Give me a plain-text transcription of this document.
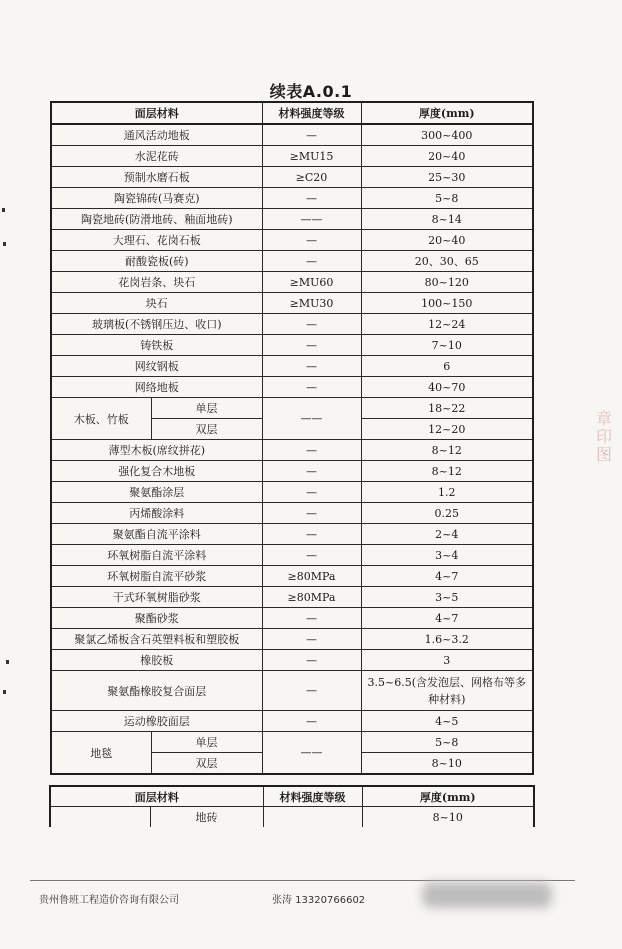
续表A.0.1
面层材料		材料强度等级	厚度(mm)
通风活动地板		—	300~400
水泥花砖		≥MU15	20~40
预制水磨石板		≥C20	25~30
陶瓷锦砖(马赛克)		—	5~8
陶瓷地砖(防滑地砖、釉面地砖)		——	8~14
大理石、花岗石板		—	20~40
耐酸瓷板(砖)		—	20、30、65
花岗岩条、块石		≥MU60	80~120
块石		≥MU30	100~150
玻璃板(不锈钢压边、收口)		—	12~24
铸铁板		—	7~10
网纹钢板		—	6
网络地板		—	40~70
木板、竹板	单层	——	18~22
	双层		12~20
薄型木板(席纹拼花)		—	8~12
强化复合木地板		—	8~12
聚氨酯涂层		—	1.2
丙烯酸涂料		—	0.25
聚氨酯自流平涂料		—	2~4
环氧树脂自流平涂料		—	3~4
环氧树脂自流平砂浆		≥80MPa	4~7
干式环氧树脂砂浆		≥80MPa	3~5
聚酯砂浆		—	4~7
聚氯乙烯板含石英塑料板和塑胶板		—	1.6~3.2
橡胶板		—	3
聚氨酯橡胶复合面层		—	3.5~6.5(含发泡层、网格布等多种材料)
运动橡胶面层		—	4~5
地毯	单层	——	5~8
	双层		8~10
面层材料		材料强度等级	厚度(mm)
	地砖		8~10
贵州鲁班工程造价咨询有限公司	张涛 13320766602
章
印
图
